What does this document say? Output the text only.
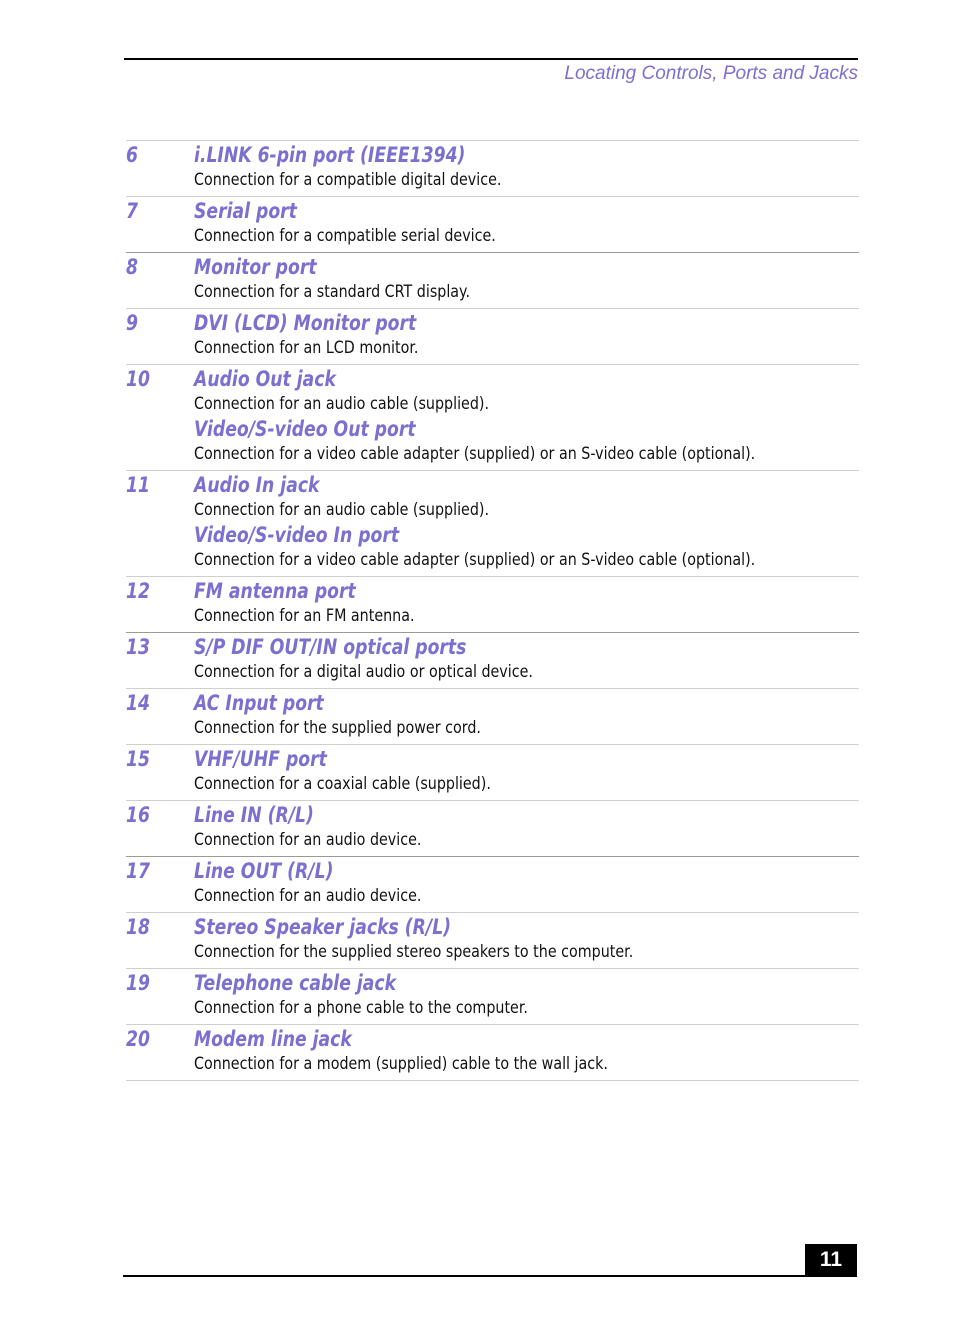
Locating Controls, Ports and Jacks
6	i.LINK 6-pin port (IEEE1394)
Connection for a compatible digital device.
7	Serial port
Connection for a compatible serial device.
8	Monitor port
Connection for a standard CRT display.
9	DVI (LCD) Monitor port
Connection for an LCD monitor.
10	Audio Out jack
Connection for an audio cable (supplied).
Video/S-video Out port
Connection for a video cable adapter (supplied) or an S-video cable (optional).
11	Audio In jack
Connection for an audio cable (supplied).
Video/S-video In port
Connection for a video cable adapter (supplied) or an S-video cable (optional).
12	FM antenna port
Connection for an FM antenna.
13	S/P DIF OUT/IN optical ports
Connection for a digital audio or optical device.
14	AC Input port
Connection for the supplied power cord.
15	VHF/UHF port
Connection for a coaxial cable (supplied).
16	Line IN (R/L)
Connection for an audio device.
17	Line OUT (R/L)
Connection for an audio device.
18	Stereo Speaker jacks (R/L)
Connection for the supplied stereo speakers to the computer.
19	Telephone cable jack
Connection for a phone cable to the computer.
20	Modem line jack
Connection for a modem (supplied) cable to the wall jack.
11
